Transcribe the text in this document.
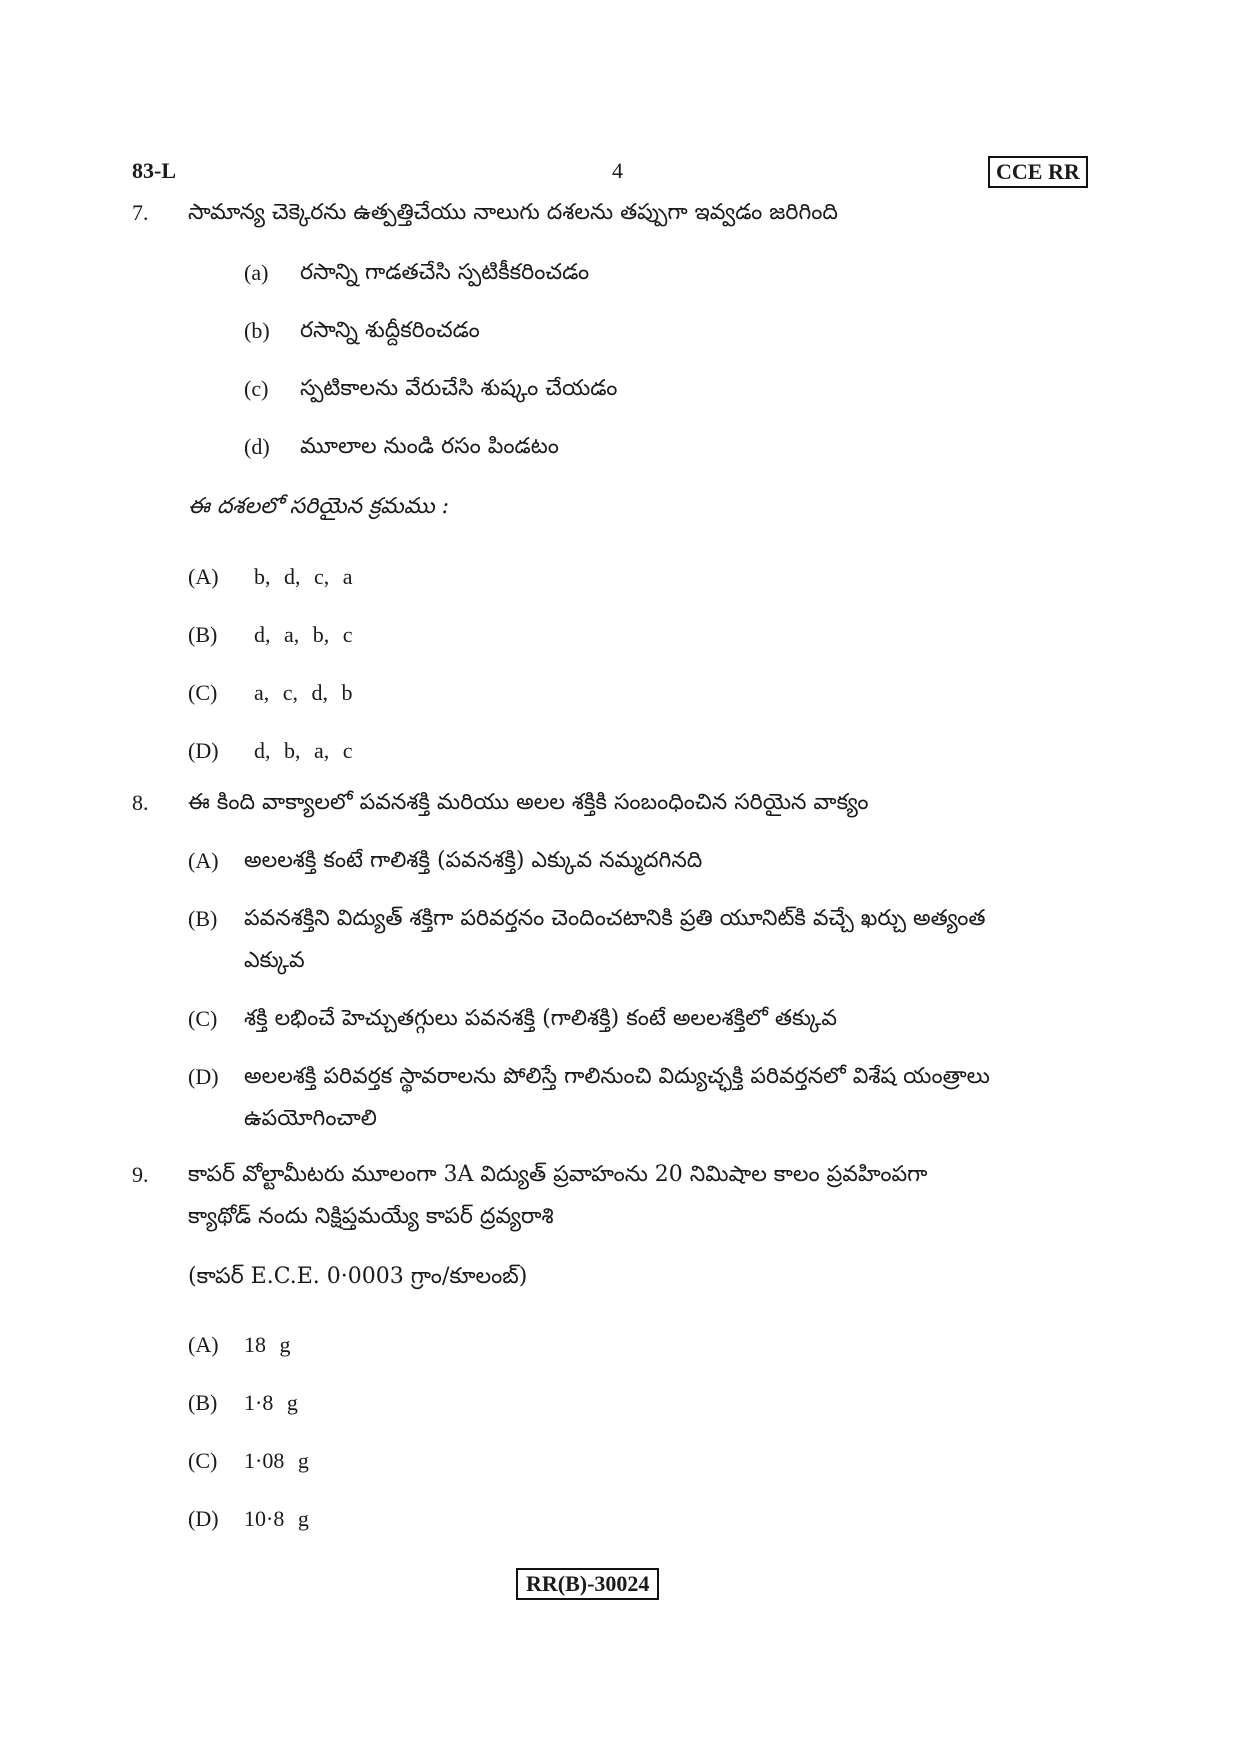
83-L	4	CCE RR
7. సామాన్య చెక్కెరను ఉత్పత్తిచేయు నాలుగు దశలను తప్పుగా ఇవ్వడం జరిగింది
(a) రసాన్ని గాడతచేసి స్పటికీకరించడం
(b) రసాన్ని శుద్దీకరించడం
(c) స్పటికాలను వేరుచేసి శుష్కం చేయడం
(d) మూలాల నుండి రసం పిండటం
ఈ దశలలో సరియైన క్రమము :
(A) b, d, c, a
(B) d, a, b, c
(C) a, c, d, b
(D) d, b, a, c
8. ఈ కింది వాక్యాలలో పవనశక్తి మరియు అలల శక్తికి సంబంధించిన సరియైన వాక్యం
(A) అలలశక్తి కంటే గాలిశక్తి (పవనశక్తి) ఎక్కువ నమ్మదగినది
(B) పవనశక్తిని విద్యుత్ శక్తిగా పరివర్తనం చెందించటానికి ప్రతి యూనిట్‌కి వచ్చే ఖర్చు అత్యంత
ఎక్కువ
(C) శక్తి లభించే హెచ్చుతగ్గులు పవనశక్తి (గాలిశక్తి) కంటే అలలశక్తిలో తక్కువ
(D) అలలశక్తి పరివర్తక స్థావరాలను పోలిస్తే గాలినుంచి విద్యుచ్ఛక్తి పరివర్తనలో విశేష యంత్రాలు
ఉపయోగించాలి
9. కాపర్ వోల్టామీటరు మూలంగా 3A విద్యుత్ ప్రవాహంను 20 నిమిషాల కాలం ప్రవహింపగా
క్యాథోడ్ నందు నిక్షిప్తమయ్యే కాపర్ ద్రవ్యరాశి
(కాపర్ E.C.E. 0·0003 గ్రాం/కూలంబ్)
(A) 18 g
(B) 1·8 g
(C) 1·08 g
(D) 10·8 g
RR(B)-30024
